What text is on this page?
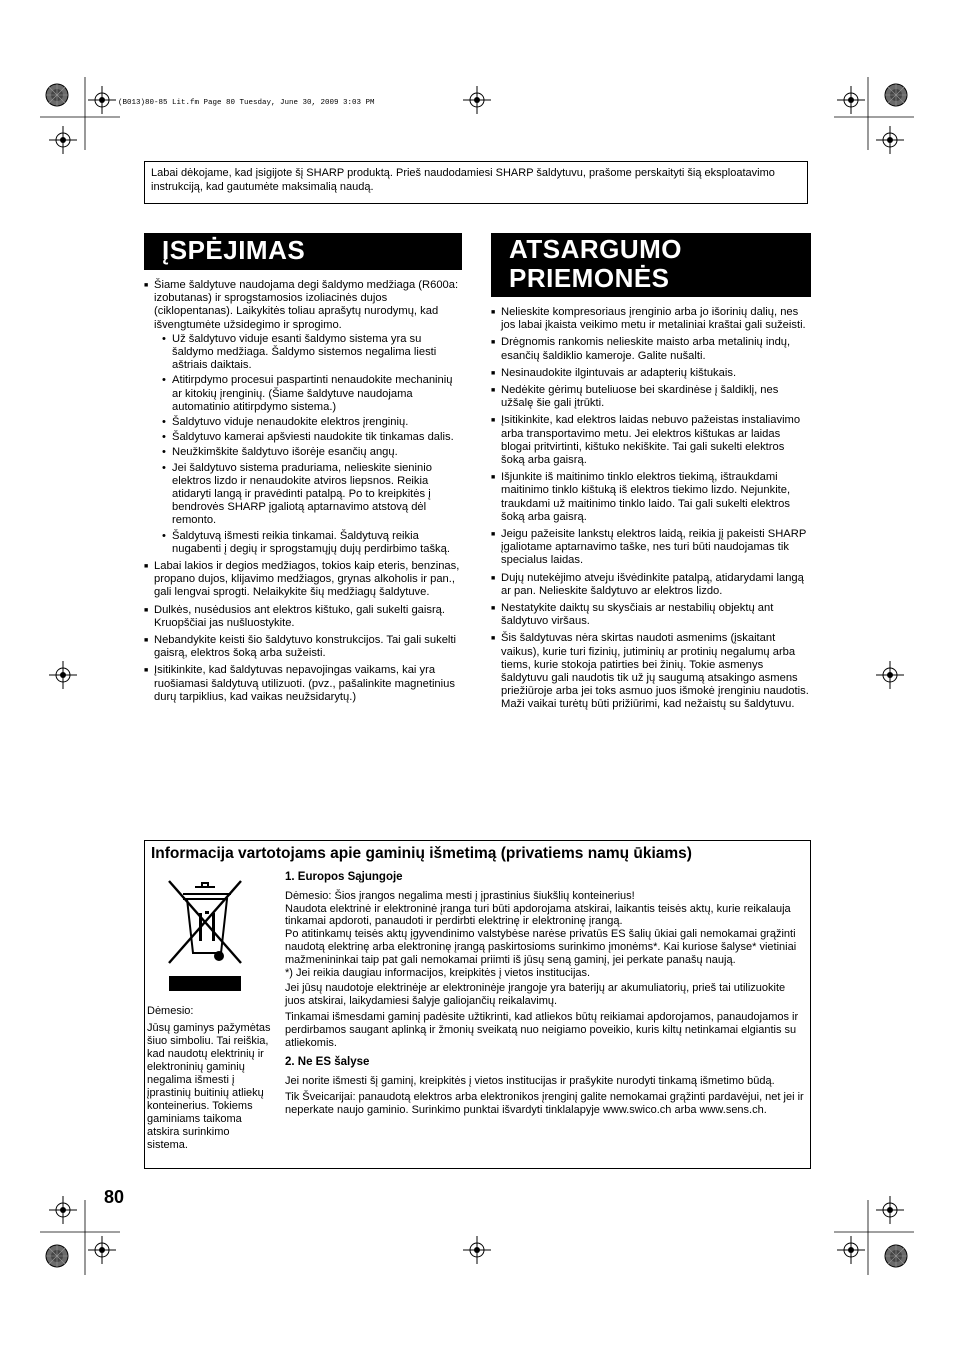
(B013)80-85 Lit.fm Page 80 Tuesday, June 30, 2009 3:03 PM
Labai dėkojame, kad įsigijote šį SHARP produktą. Prieš naudodamiesi SHARP šaldytuvu, prašome perskaityti šią eksploatavimo instrukciją, kad gautumėte maksimalią naudą.
ĮSPĖJIMAS	ATSARGUMO
PRIEMONĖS
■ Šiame šaldytuve naudojama degi šaldymo medžiaga (R600a: izobutanas) ir sprogstamosios izoliacinės dujos (ciklopentanas). Laikykitės toliau aprašytų nurodymų, kad išvengtumėte užsidegimo ir sprogimo.
• Už šaldytuvo viduje esanti šaldymo sistema yra su šaldymo medžiaga. Šaldymo sistemos negalima liesti aštriais daiktais.
• Atitirpdymo procesui paspartinti nenaudokite mechaninių ar kitokių įrenginių. (Šiame šaldytuve naudojama automatinio atitirpdymo sistema.)
• Šaldytuvo viduje nenaudokite elektros įrenginių.
• Šaldytuvo kamerai apšviesti naudokite tik tinkamas dalis.
• Neužkimškite šaldytuvo išorėje esančių angų.
• Jei šaldytuvo sistema praduriama, nelieskite sieninio elektros lizdo ir nenaudokite atviros liepsnos. Reikia atidaryti langą ir pravėdinti patalpą. Po to kreipkitės į bendrovės SHARP įgaliotą aptarnavimo atstovą dėl remonto.
• Šaldytuvą išmesti reikia tinkamai. Šaldytuvą reikia nugabenti į degių ir sprogstamųjų dujų perdirbimo tašką.
■ Labai lakios ir degios medžiagos, tokios kaip eteris, benzinas, propano dujos, klijavimo medžiagos, grynas alkoholis ir pan., gali lengvai sprogti. Nelaikykite šių medžiagų šaldytuve.
■ Dulkės, nusėdusios ant elektros kištuko, gali sukelti gaisrą. Kruopščiai jas nušluostykite.
■ Nebandykite keisti šio šaldytuvo konstrukcijos. Tai gali sukelti gaisrą, elektros šoką arba sužeisti.
■ Įsitikinkite, kad šaldytuvas nepavojingas vaikams, kai yra ruošiamasi šaldytuvą utilizuoti. (pvz., pašalinkite magnetinius durų tarpiklius, kad vaikas neužsidarytų.)
■ Nelieskite kompresoriaus įrenginio arba jo išorinių dalių, nes jos labai įkaista veikimo metu ir metaliniai kraštai gali sužeisti.
■ Drėgnomis rankomis nelieskite maisto arba metalinių indų, esančių šaldiklio kameroje. Galite nušalti.
■ Nesinaudokite ilgintuvais ar adapterių kištukais.
■ Nedėkite gėrimų buteliuose bei skardinėse į šaldiklį, nes užšalę šie gali įtrūkti.
■ Įsitikinkite, kad elektros laidas nebuvo pažeistas instaliavimo arba transportavimo metu. Jei elektros kištukas ar laidas blogai pritvirtinti, kištuko nekiškite. Tai gali sukelti elektros šoką arba gaisrą.
■ Išjunkite iš maitinimo tinklo elektros tiekimą, ištraukdami maitinimo tinklo kištuką iš elektros tiekimo lizdo. Nejunkite, traukdami už maitinimo tinklo laido. Tai gali sukelti elektros šoką arba gaisrą.
■ Jeigu pažeisite lankstų elektros laidą, reikia jį pakeisti SHARP įgaliotame aptarnavimo taške, nes turi būti naudojamas tik specialus laidas.
■ Dujų nutekėjimo atveju išvėdinkite patalpą, atidarydami langą ar pan. Nelieskite šaldytuvo ar elektros lizdo.
■ Nestatykite daiktų su skysčiais ar nestabilių objektų ant šaldytuvo viršaus.
■ Šis šaldytuvas nėra skirtas naudoti asmenims (įskaitant vaikus), kurie turi fizinių, jutiminių ar protinių negalumų arba tiems, kurie stokoja patirties bei žinių. Tokie asmenys šaldytuvu gali naudotis tik už jų saugumą atsakingo asmens priežiūroje arba jei toks asmuo juos išmokė įrenginiu naudotis. Maži vaikai turėtų būti prižiūrimi, kad nežaistų su šaldytuvu.
Informacija vartotojams apie gaminių išmetimą (privatiems namų ūkiams)
Dėmesio:
Jūsų gaminys pažymėtas šiuo simboliu. Tai reiškia, kad naudotų elektrinių ir elektroninių gaminių negalima išmesti į įprastinių buitinių atliekų konteinerius. Tokiems gaminiams taikoma atskira surinkimo sistema.
1. Europos Sąjungoje
Dėmesio: Šios įrangos negalima mesti į įprastinius šiukšlių konteinerius!
Naudota elektrinė ir elektroninė įranga turi būti apdorojama atskirai, laikantis teisės aktų, kurie reikalauja tinkamai apdoroti, panaudoti ir perdirbti elektrinę ir elektroninę įrangą.
Po atitinkamų teisės aktų įgyvendinimo valstybėse narėse privatūs ES šalių ūkiai gali nemokamai grąžinti naudotą elektrinę arba elektroninę įrangą paskirtosioms surinkimo įmonėms*. Kai kuriose šalyse* vietiniai mažmenininkai taip pat gali nemokamai priimti iš jūsų seną gaminį, jei perkate panašų naują.
*) Jei reikia daugiau informacijos, kreipkitės į vietos institucijas.
Jei jūsų naudotoje elektrinėje ar elektroninėje įrangoje yra baterijų ar akumuliatorių, prieš tai utilizuokite juos atskirai, laikydamiesi šalyje galiojančių reikalavimų.
Tinkamai išmesdami gaminį padėsite užtikrinti, kad atliekos būtų reikiamai apdorojamos, panaudojamos ir perdirbamos saugant aplinką ir žmonių sveikatą nuo neigiamo poveikio, kuris kiltų netinkamai elgiantis su atliekomis.
2. Ne ES šalyse
Jei norite išmesti šį gaminį, kreipkitės į vietos institucijas ir prašykite nurodyti tinkamą išmetimo būdą.
Tik Šveicarijai: panaudotą elektros arba elektronikos įrenginį galite nemokamai grąžinti pardavėjui, net jei ir neperkate naujo gaminio. Surinkimo punktai išvardyti tinklalapyje www.swico.ch arba www.sens.ch.
80
